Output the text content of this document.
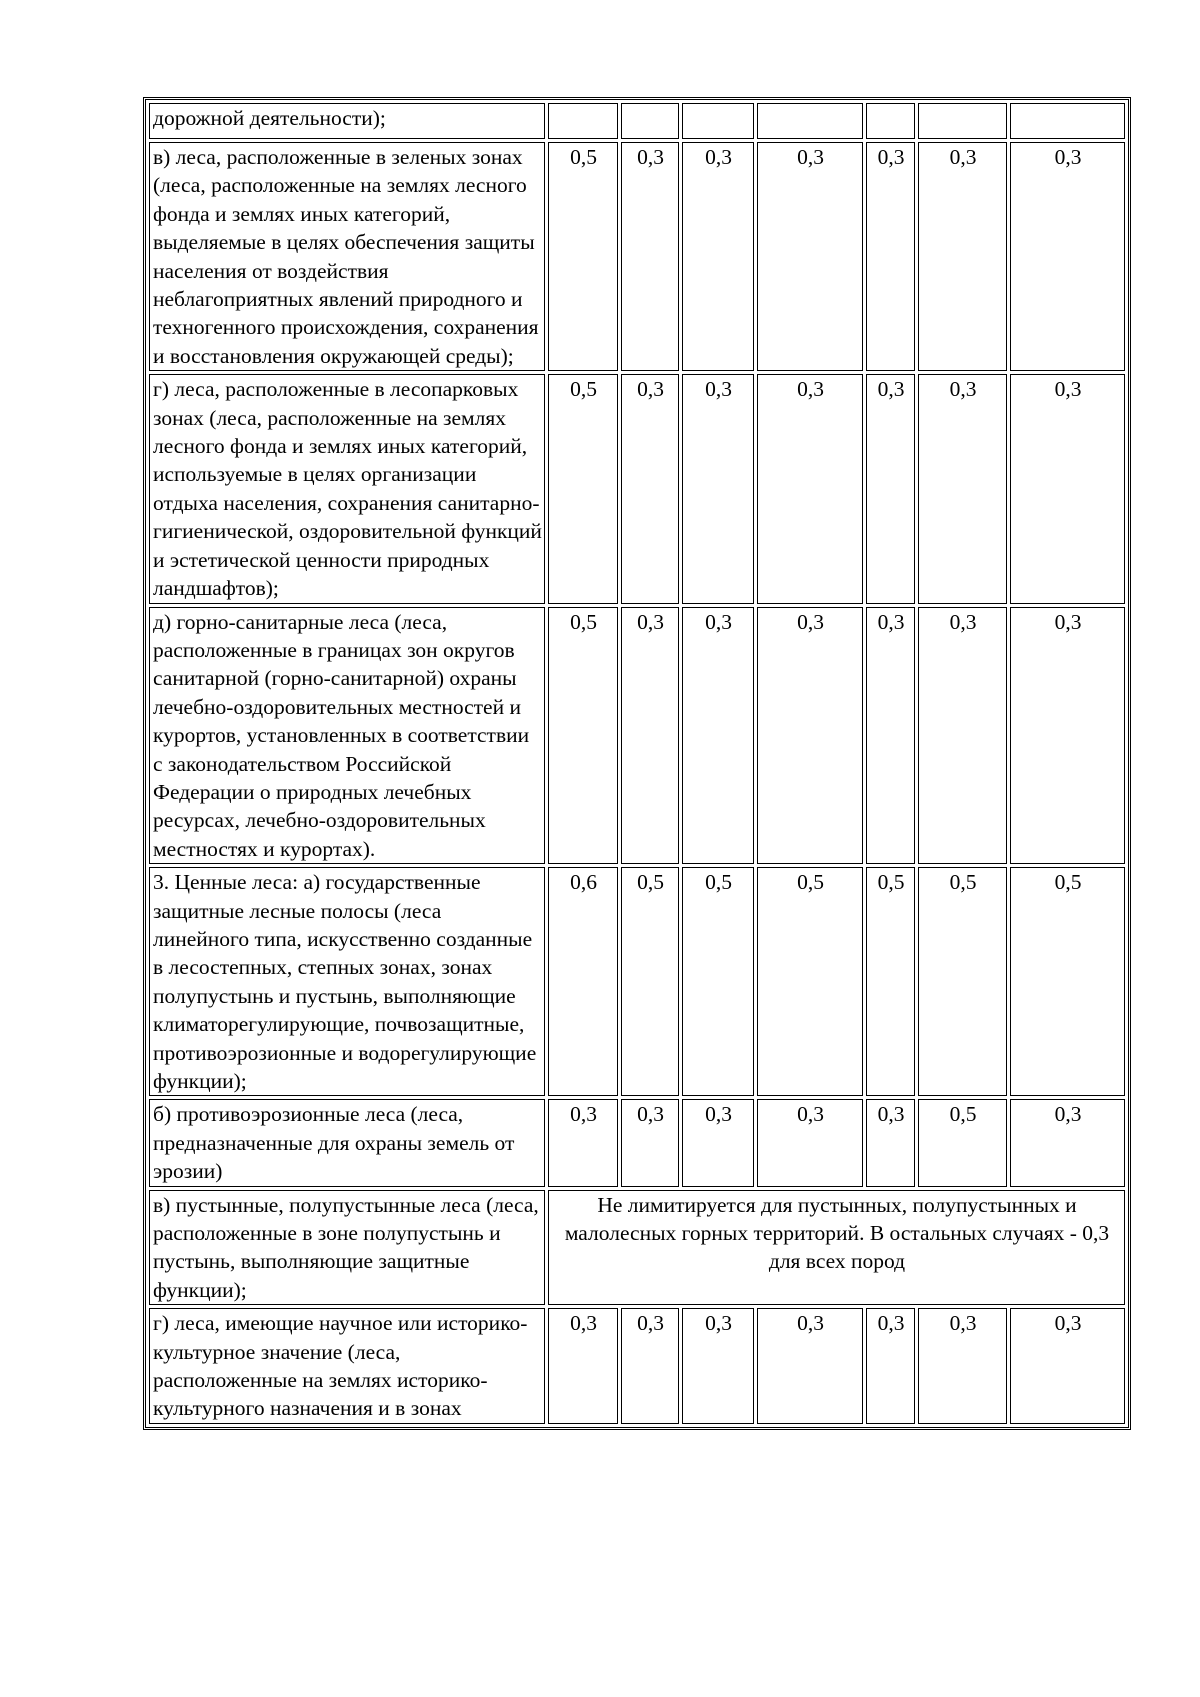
дорожной деятельности);							
в) леса, расположенные в зеленых зонах (леса, расположенные на землях лесного фонда и землях иных категорий, выделяемые в целях обеспечения защиты населения от воздействия неблагоприятных явлений природного и техногенного происхождения, сохранения и восстановления окружающей среды);	0,5	0,3	0,3	0,3	0,3	0,3	0,3
г) леса, расположенные в лесопарковых зонах (леса, расположенные на землях лесного фонда и землях иных категорий, используемые в целях организации отдыха населения, сохранения санитарно-гигиенической, оздоровительной функций и эстетической ценности природных ландшафтов);	0,5	0,3	0,3	0,3	0,3	0,3	0,3
д) горно-санитарные леса (леса, расположенные в границах зон округов санитарной (горно-санитарной) охраны лечебно-оздоровительных местностей и курортов, установленных в соответствии с законодательством Российской Федерации о природных лечебных ресурсах, лечебно-оздоровительных местностях и курортах).	0,5	0,3	0,3	0,3	0,3	0,3	0,3
3. Ценные леса: а) государственные защитные лесные полосы (леса линейного типа, искусственно созданные в лесостепных, степных зонах, зонах полупустынь и пустынь, выполняющие климаторегулирующие, почвозащитные, противоэрозионные и водорегулирующие функции);	0,6	0,5	0,5	0,5	0,5	0,5	0,5
б) противоэрозионные леса (леса, предназначенные для охраны земель от эрозии)	0,3	0,3	0,3	0,3	0,3	0,5	0,3
в) пустынные, полупустынные леса (леса, расположенные в зоне полупустынь и пустынь, выполняющие защитные функции);	Не лимитируется для пустынных, полупустынных и малолесных горных территорий. В остальных случаях - 0,3 для всех пород						
г) леса, имеющие научное или историко-культурное значение (леса, расположенные на землях историко-культурного назначения и в зонах	0,3	0,3	0,3	0,3	0,3	0,3	0,3
